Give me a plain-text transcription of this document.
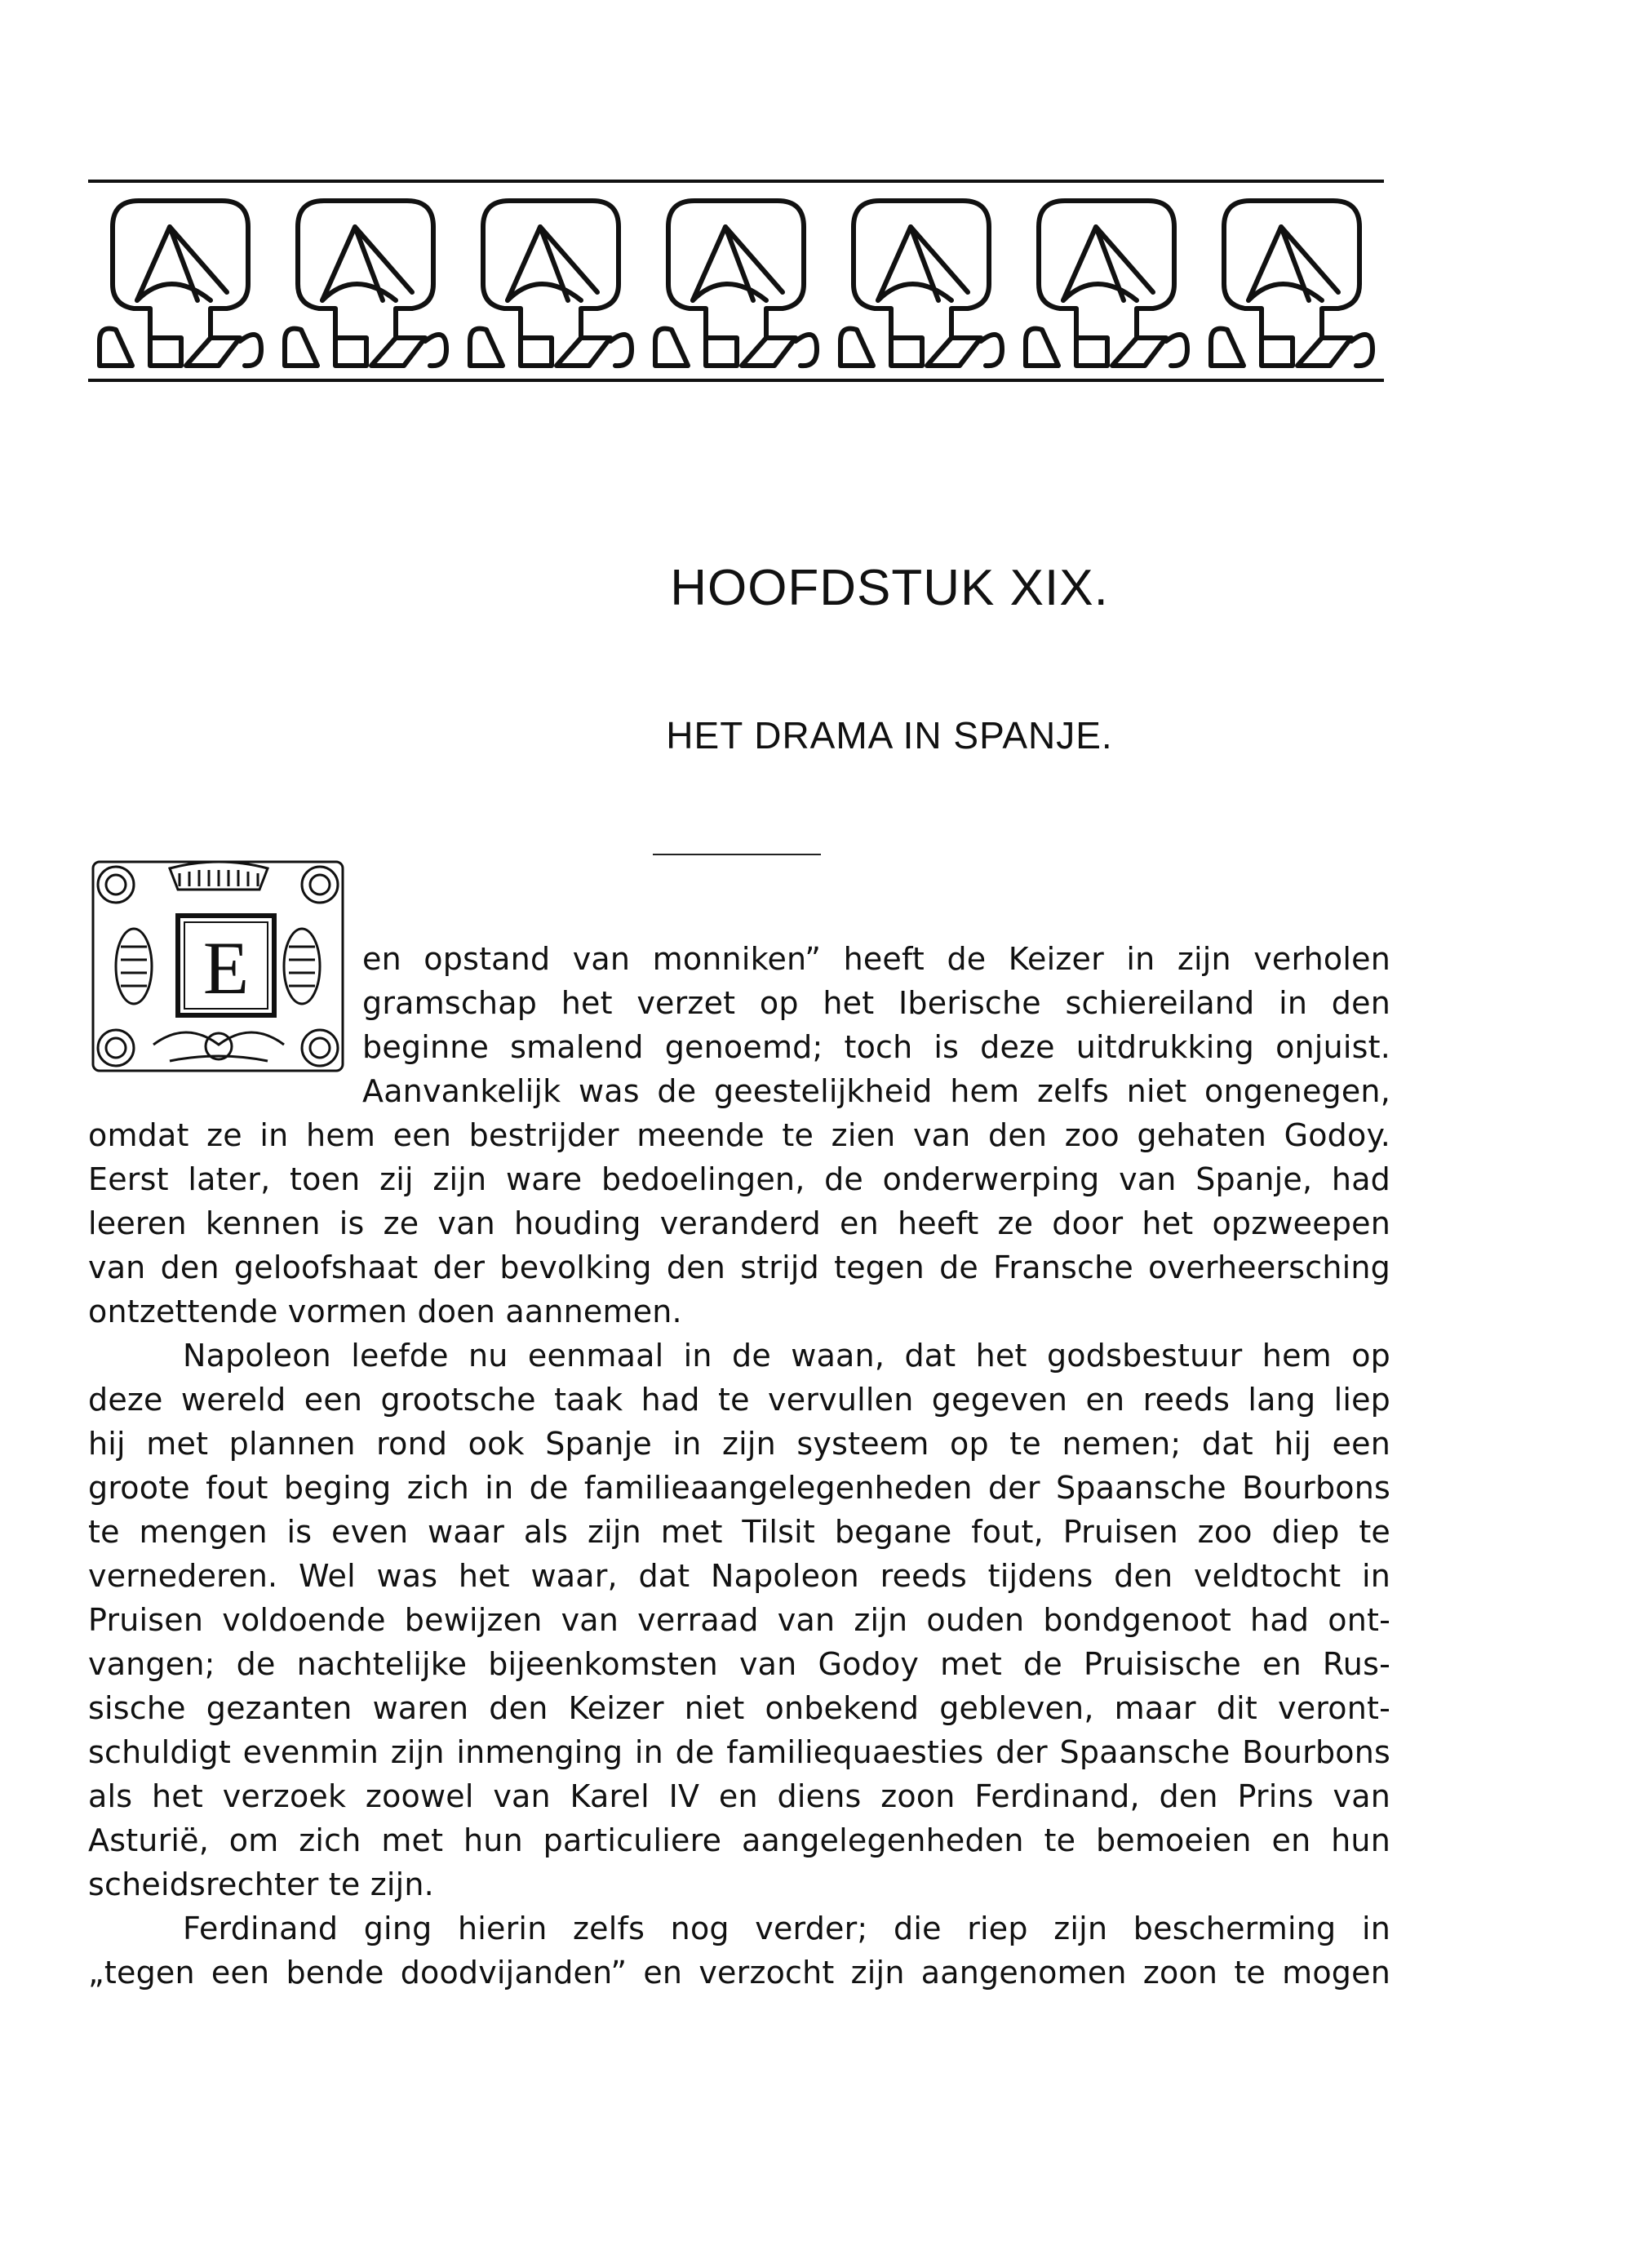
HOOFDSTUK XIX.
HET DRAMA IN SPANJE.
E	en opstand van monniken” heeft de Keizer in zijn verholen
gramschap het verzet op het Iberische schiereiland in den
beginne smalend genoemd; toch is deze uitdrukking onjuist.
Aanvankelijk was de geestelijkheid hem zelfs niet ongenegen,
omdat ze in hem een bestrijder meende te zien van den zoo gehaten Godoy.
Eerst later, toen zij zijn ware bedoelingen, de onderwerping van Spanje, had
leeren kennen is ze van houding veranderd en heeft ze door het opzweepen
van den geloofshaat der bevolking den strijd tegen de Fransche overheersching
ontzettende vormen doen aannemen.
Napoleon leefde nu eenmaal in de waan, dat het godsbestuur hem op
deze wereld een grootsche taak had te vervullen gegeven en reeds lang liep
hij met plannen rond ook Spanje in zijn systeem op te nemen; dat hij een
groote fout beging zich in de familieaangelegenheden der Spaansche Bourbons
te mengen is even waar als zijn met Tilsit begane fout, Pruisen zoo diep te
vernederen. Wel was het waar, dat Napoleon reeds tijdens den veldtocht in
Pruisen voldoende bewijzen van verraad van zijn ouden bondgenoot had ont-
vangen; de nachtelijke bijeenkomsten van Godoy met de Pruisische en Rus-
sische gezanten waren den Keizer niet onbekend gebleven, maar dit veront-
schuldigt evenmin zijn inmenging in de familiequaesties der Spaansche Bourbons
als het verzoek zoowel van Karel IV en diens zoon Ferdinand, den Prins van
Asturië, om zich met hun particuliere aangelegenheden te bemoeien en hun
scheidsrechter te zijn.
Ferdinand ging hierin zelfs nog verder; die riep zijn bescherming in
„tegen een bende doodvijanden” en verzocht zijn aangenomen zoon te mogen
